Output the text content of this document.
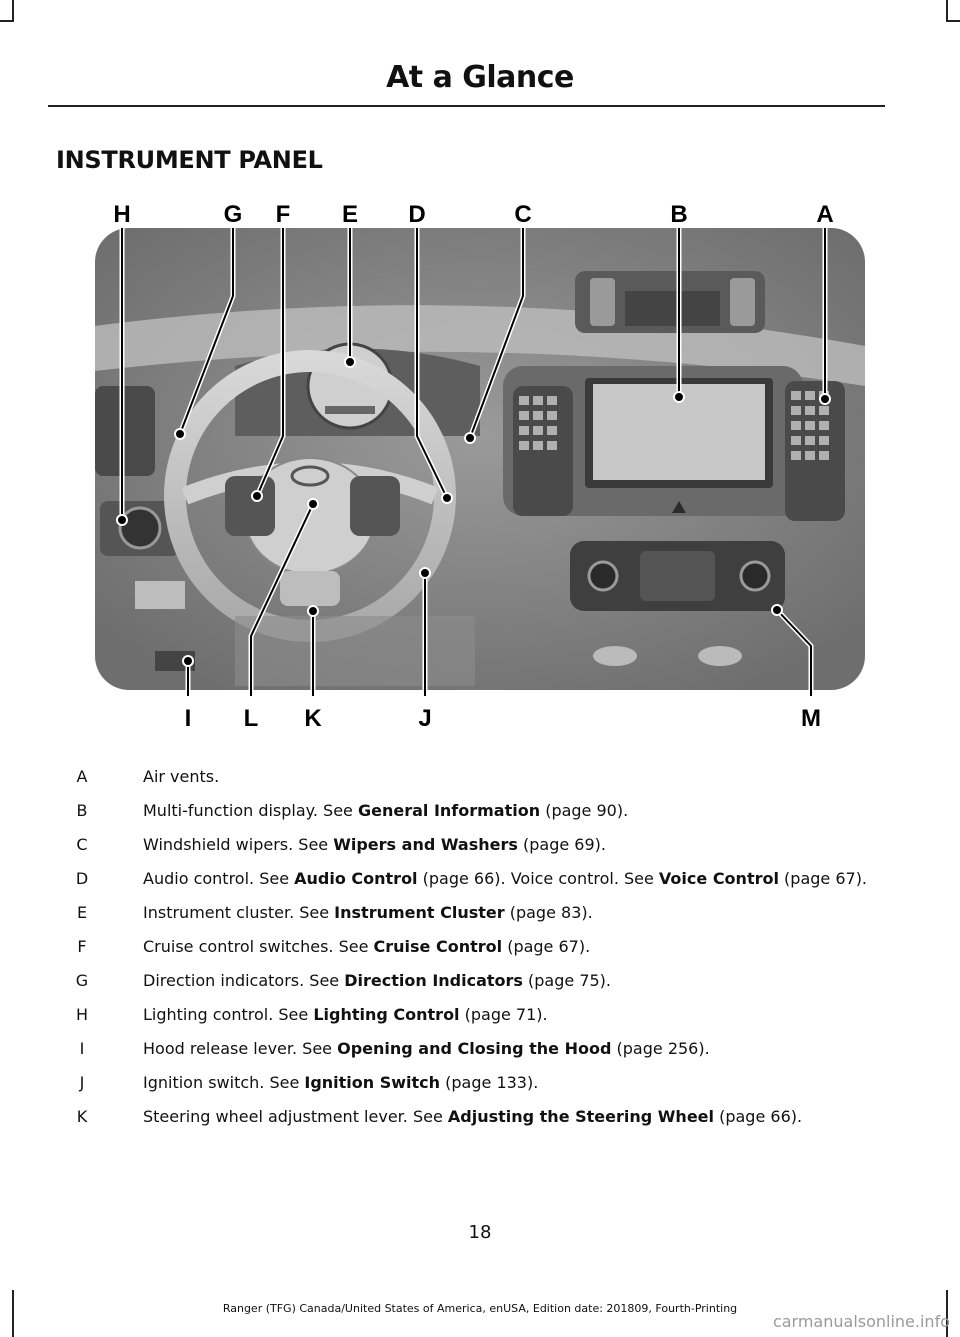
At a Glance
INSTRUMENT PANEL
H	G F E D	C	B	A
I L K	J	M
A	Air vents.
B	Multi-function display. See General Information (page 90).
C	Windshield wipers. See Wipers and Washers (page 69).
D	Audio control. See Audio Control (page 66). Voice control. See Voice Control (page 67).
E	Instrument cluster. See Instrument Cluster (page 83).
F	Cruise control switches. See Cruise Control (page 67).
G	Direction indicators. See Direction Indicators (page 75).
H	Lighting control. See Lighting Control (page 71).
I	Hood release lever. See Opening and Closing the Hood (page 256).
J	Ignition switch. See Ignition Switch (page 133).
K	Steering wheel adjustment lever. See Adjusting the Steering Wheel (page 66).
18
Ranger (TFG) Canada/United States of America, enUSA, Edition date: 201809, Fourth-Printing
carmanualsonline.info
